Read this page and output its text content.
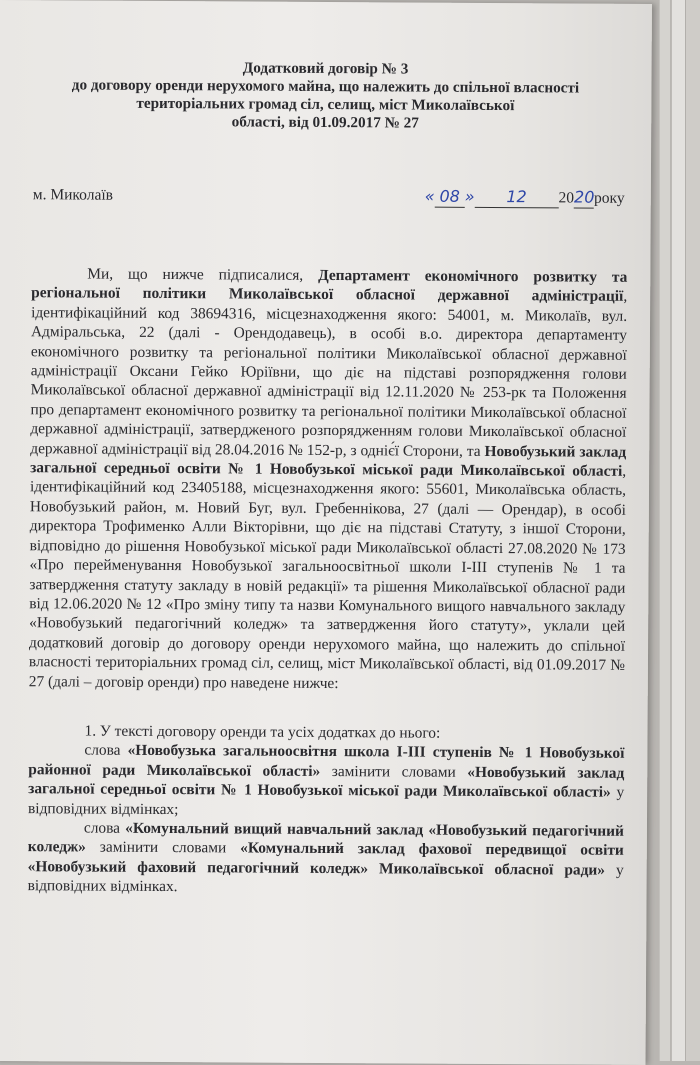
Додатковий договір № 3
до договору оренди нерухомого майна, що належить до спільної власності
територіальних громад сіл, селищ, міст Миколаївської
області, від 01.09.2017 № 27
м. Миколаїв	« 08 » 12 2020року

Ми, що нижче підписалися, Департамент економічного розвитку та регіональної політики Миколаївської обласної державної адміністрації, ідентифікаційний код 38694316, місцезнаходження якого: 54001, м. Миколаїв, вул. Адміральська, 22 (далі - Орендодавець), в особі в.о. директора департаменту економічного розвитку та регіональної політики Миколаївської обласної державної адміністрації Оксани Гейко Юріївни, що діє на підставі розпорядження голови Миколаївської обласної державної адміністрації від 12.11.2020 № 253-рк та Положення про департамент економічного розвитку та регіональної політики Миколаївської обласної державної адміністрації, затвердженого розпорядженням голови Миколаївської обласної державної адміністрації від 28.04.2016 № 152-р, з одніє́ї Сторони, та Новобузький заклад загальної середньої освіти № 1 Новобузької міської ради Миколаївської області, ідентифікаційний код 23405188, місцезнаходження якого: 55601, Миколаївська область, Новобузький район, м. Новий Буг, вул. Гребеннікова, 27 (далі — Орендар), в особі директора Трофименко Алли Вікторівни, що діє на підставі Статуту, з іншої Сторони, відповідно до рішення Новобузької міської ради Миколаївської області 27.08.2020 № 173 «Про перейменування Новобузької загальноосвітньої школи І-ІІІ ступенів № 1 та затвердження статуту закладу в новій редакції» та рішення Миколаївської обласної ради від 12.06.2020 № 12 «Про зміну типу та назви Комунального вищого навчального закладу «Новобузький педагогічний коледж» та затвердження його статуту», уклали цей додатковий договір до договору оренди нерухомого майна, що належить до спільної власності територіальних громад сіл, селищ, міст Миколаївської області, від 01.09.2017 № 27 (далі – договір оренди) про наведене нижче:

1. У тексті договору оренди та усіх додатках до нього:

слова «Новобузька загальноосвітня школа І-ІІІ ступенів № 1 Новобузької районної ради Миколаївської області» замінити словами «Новобузький заклад загальної середньої освіти № 1 Новобузької міської ради Миколаївської області» у відповідних відмінках;

слова «Комунальний вищий навчальний заклад «Новобузький педагогічний коледж» замінити словами «Комунальний заклад фахової передвищої освіти «Новобузький фаховий педагогічний коледж» Миколаївської обласної ради» у відповідних відмінках.
